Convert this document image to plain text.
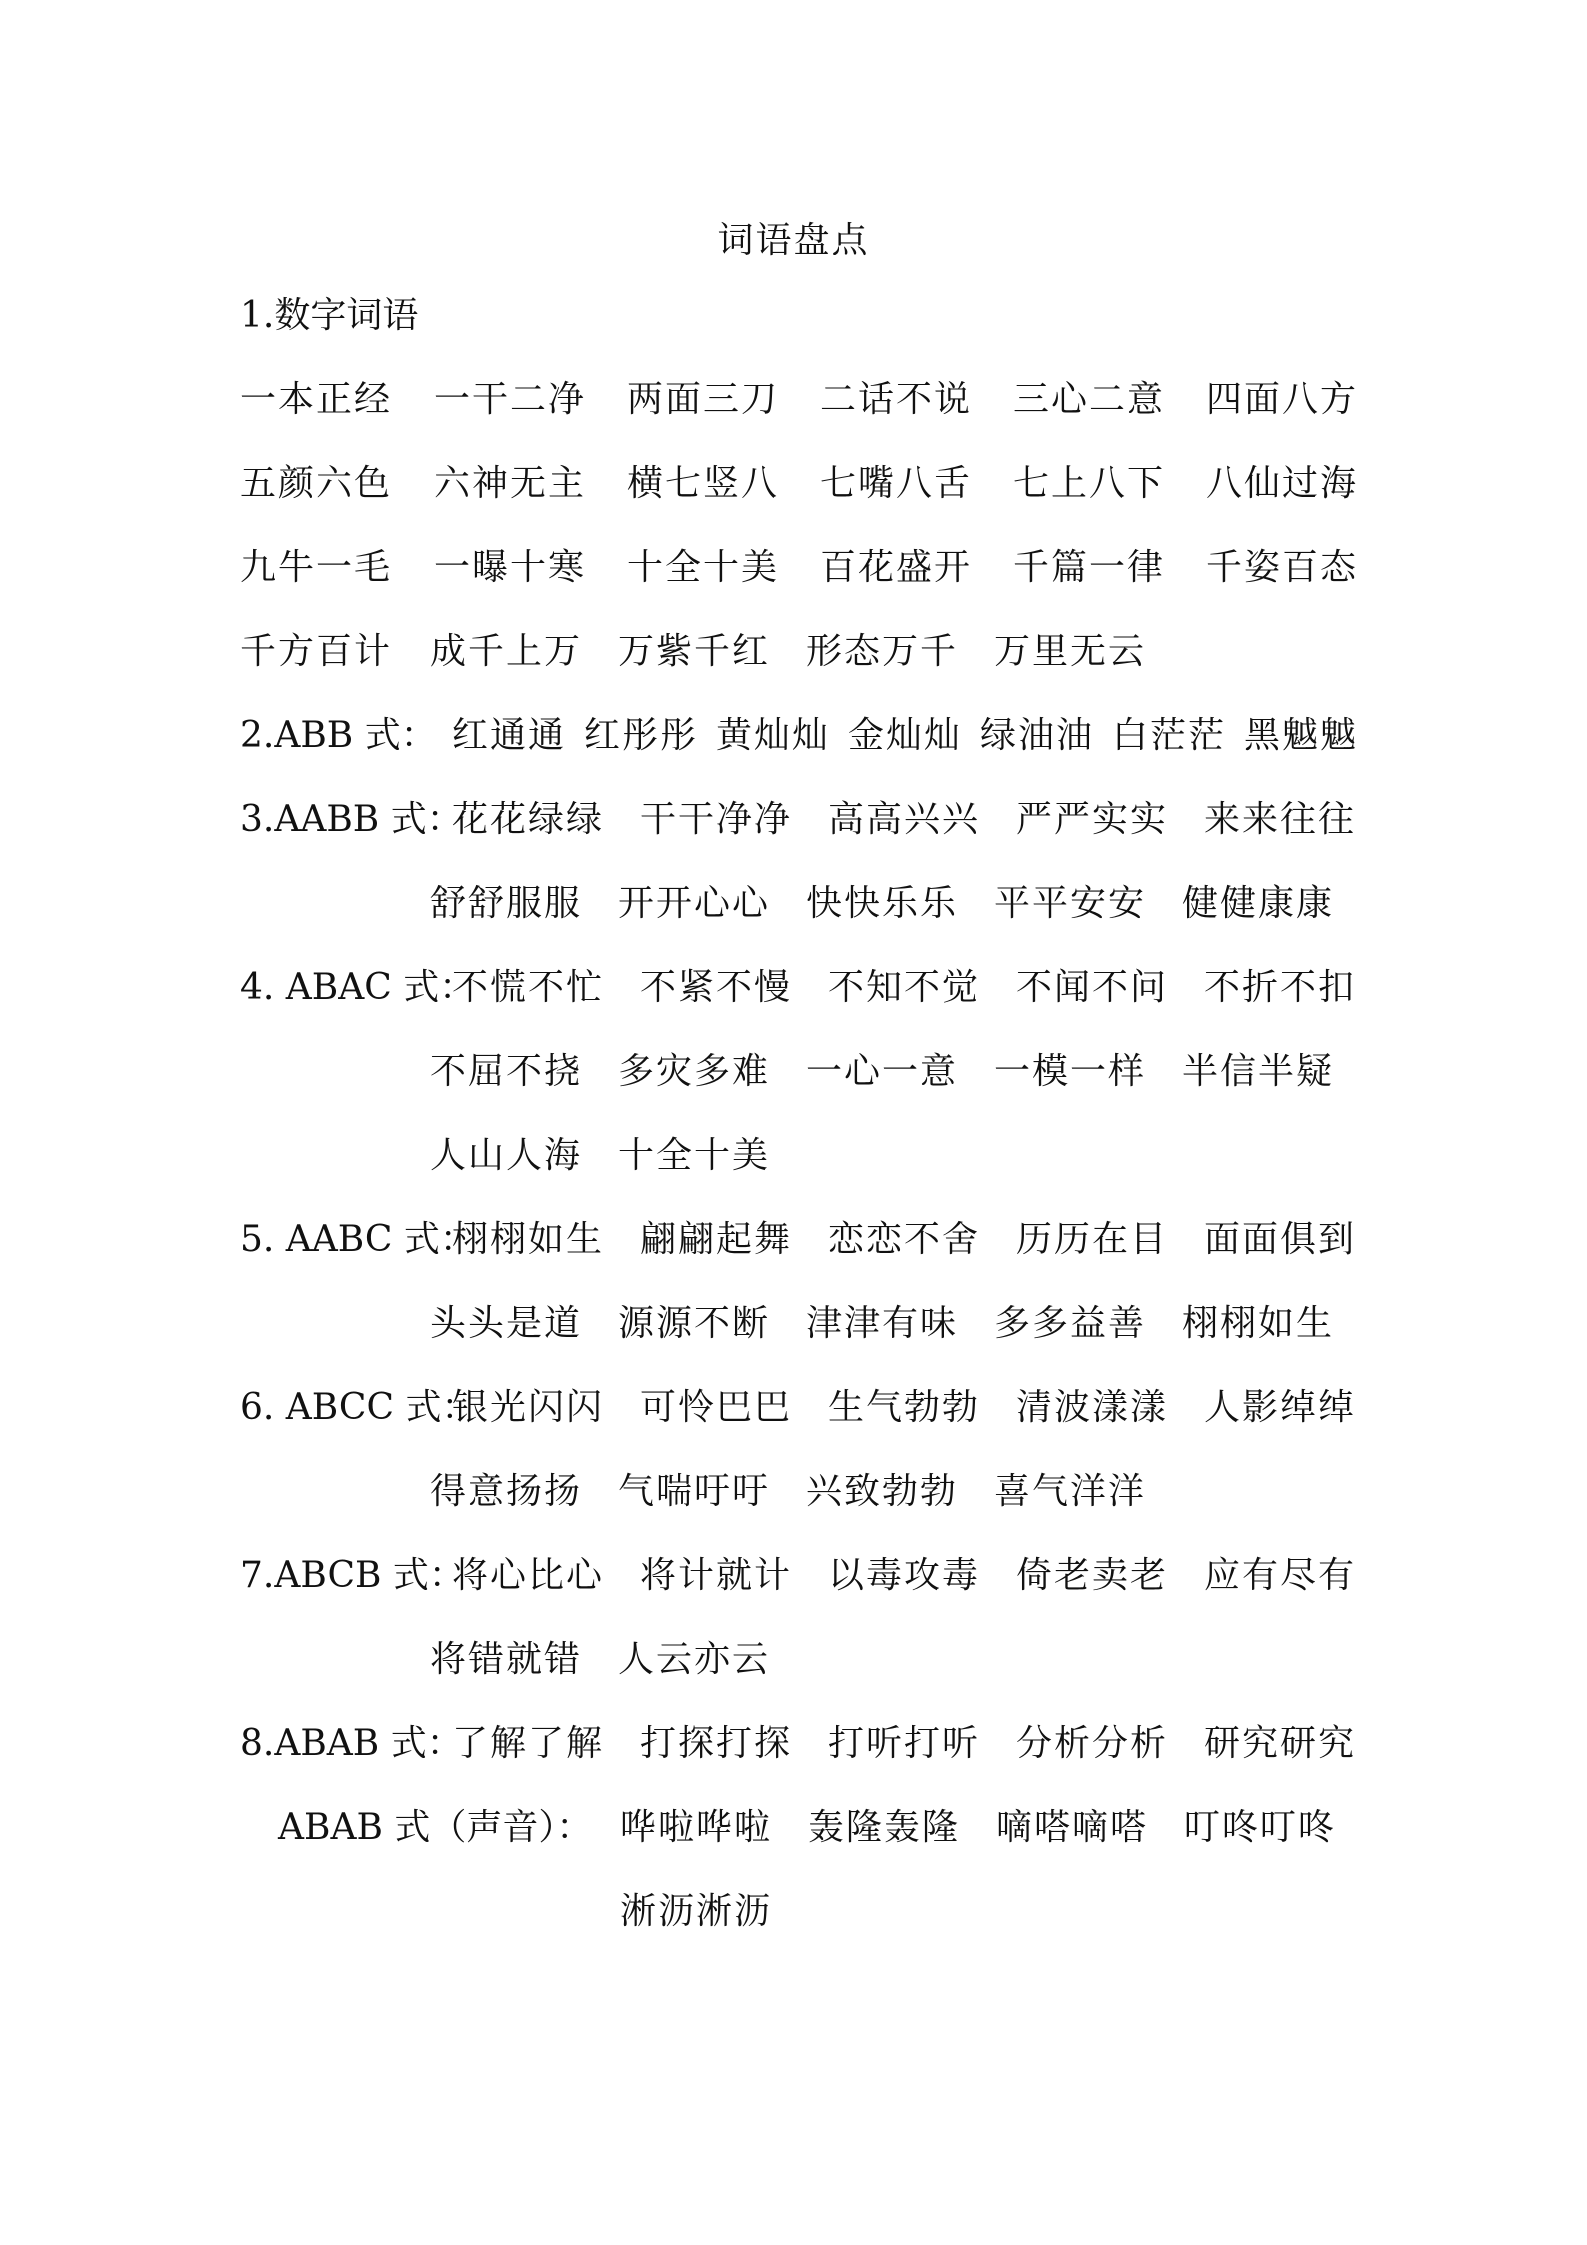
词语盘点
1.数字词语
一本正经 一干二净 两面三刀 二话不说 三心二意 四面八方
五颜六色 六神无主 横七竖八 七嘴八舌 七上八下 八仙过海
九牛一毛 一曝十寒 十全十美 百花盛开 千篇一律 千姿百态
千方百计 成千上万 万紫千红 形态万千 万里无云
2.ABB 式： 红通通 红彤彤 黄灿灿 金灿灿 绿油油 白茫茫 黑魆魆
3.AABB 式：
花花绿绿 干干净净 高高兴兴 严严实实 来来往往
舒舒服服 开开心心 快快乐乐 平平安安 健健康康
4. ABAC 式：
不慌不忙 不紧不慢 不知不觉 不闻不问 不折不扣
不屈不挠 多灾多难 一心一意 一模一样 半信半疑
人山人海 十全十美
5. AABC 式：
栩栩如生 翩翩起舞 恋恋不舍 历历在目 面面俱到
头头是道 源源不断 津津有味 多多益善 栩栩如生
6. ABCC 式：
银光闪闪 可怜巴巴 生气勃勃 清波漾漾 人影绰绰
得意扬扬 气喘吁吁 兴致勃勃 喜气洋洋
7.ABCB 式：
将心比心 将计就计 以毒攻毒 倚老卖老 应有尽有
将错就错 人云亦云
8.ABAB 式：
了解了解 打探打探 打听打听 分析分析 研究研究
ABAB 式（声音）： 哗啦哗啦 轰隆轰隆 嘀嗒嘀嗒 叮咚叮咚
淅沥淅沥
